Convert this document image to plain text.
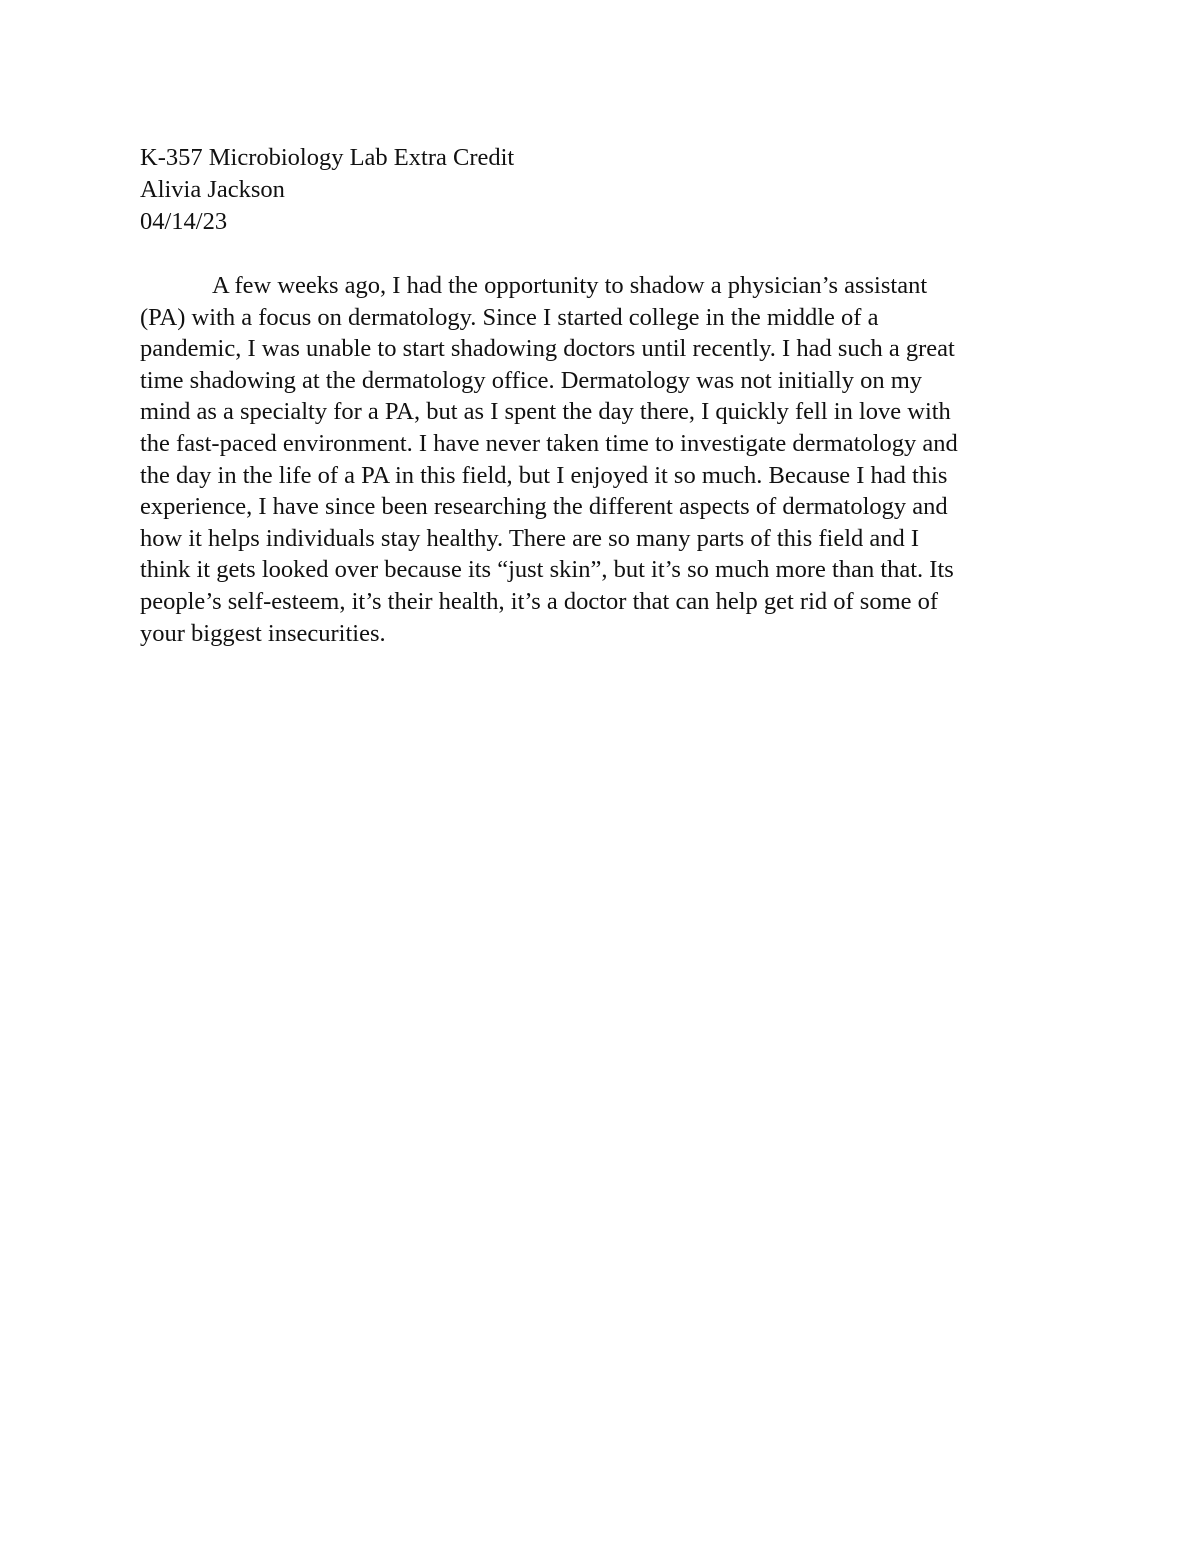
K-357 Microbiology Lab Extra Credit
Alivia Jackson
04/14/23
A few weeks ago, I had the opportunity to shadow a physician’s assistant
(PA) with a focus on dermatology. Since I started college in the middle of a
pandemic, I was unable to start shadowing doctors until recently. I had such a great
time shadowing at the dermatology office. Dermatology was not initially on my
mind as a specialty for a PA, but as I spent the day there, I quickly fell in love with
the fast-paced environment. I have never taken time to investigate dermatology and
the day in the life of a PA in this field, but I enjoyed it so much. Because I had this
experience, I have since been researching the different aspects of dermatology and
how it helps individuals stay healthy. There are so many parts of this field and I
think it gets looked over because its “just skin”, but it’s so much more than that. Its
people’s self-esteem, it’s their health, it’s a doctor that can help get rid of some of
your biggest insecurities.
